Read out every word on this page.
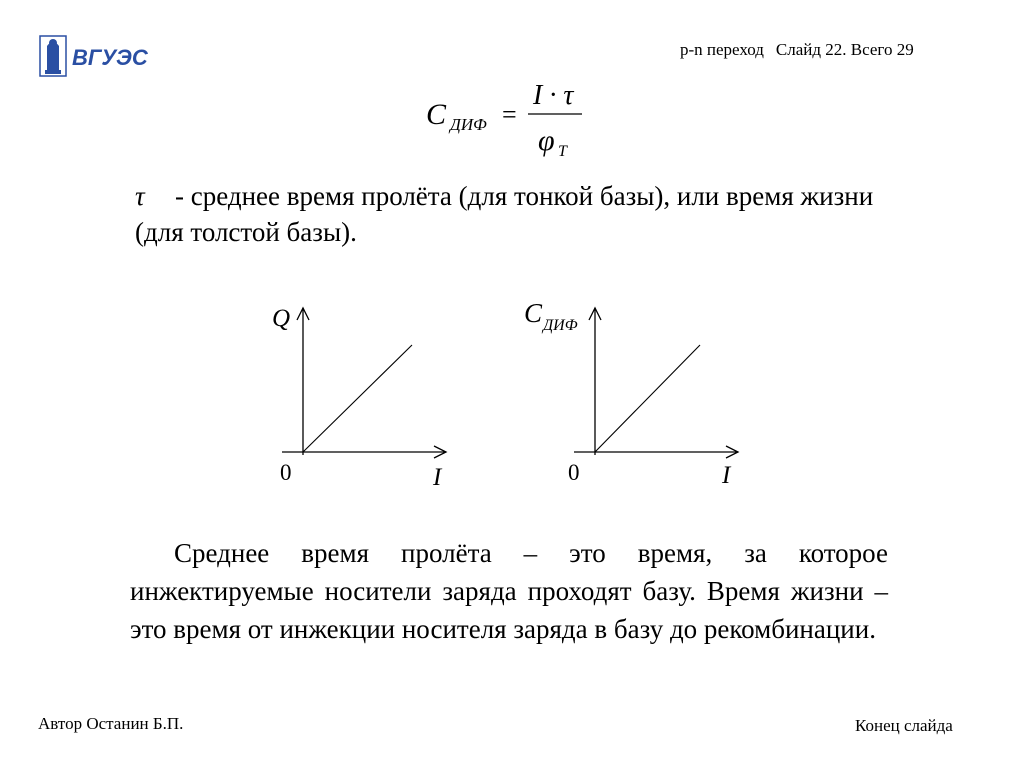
ВГУЭС	p-n переход Слайд 22. Всего 29
C ДИФ =
I · τ
φ T
τ - среднее время пролёта (для тонкой базы), или время жизни (для толстой базы).
Q
I
0
C ДИФ
I
0
Среднее время пролёта – это время, за которое инжектируемые носители заряда проходят базу. Время жизни – это время от инжекции носителя заряда в базу до рекомбинации.
Автор Останин Б.П.	Конец слайда
